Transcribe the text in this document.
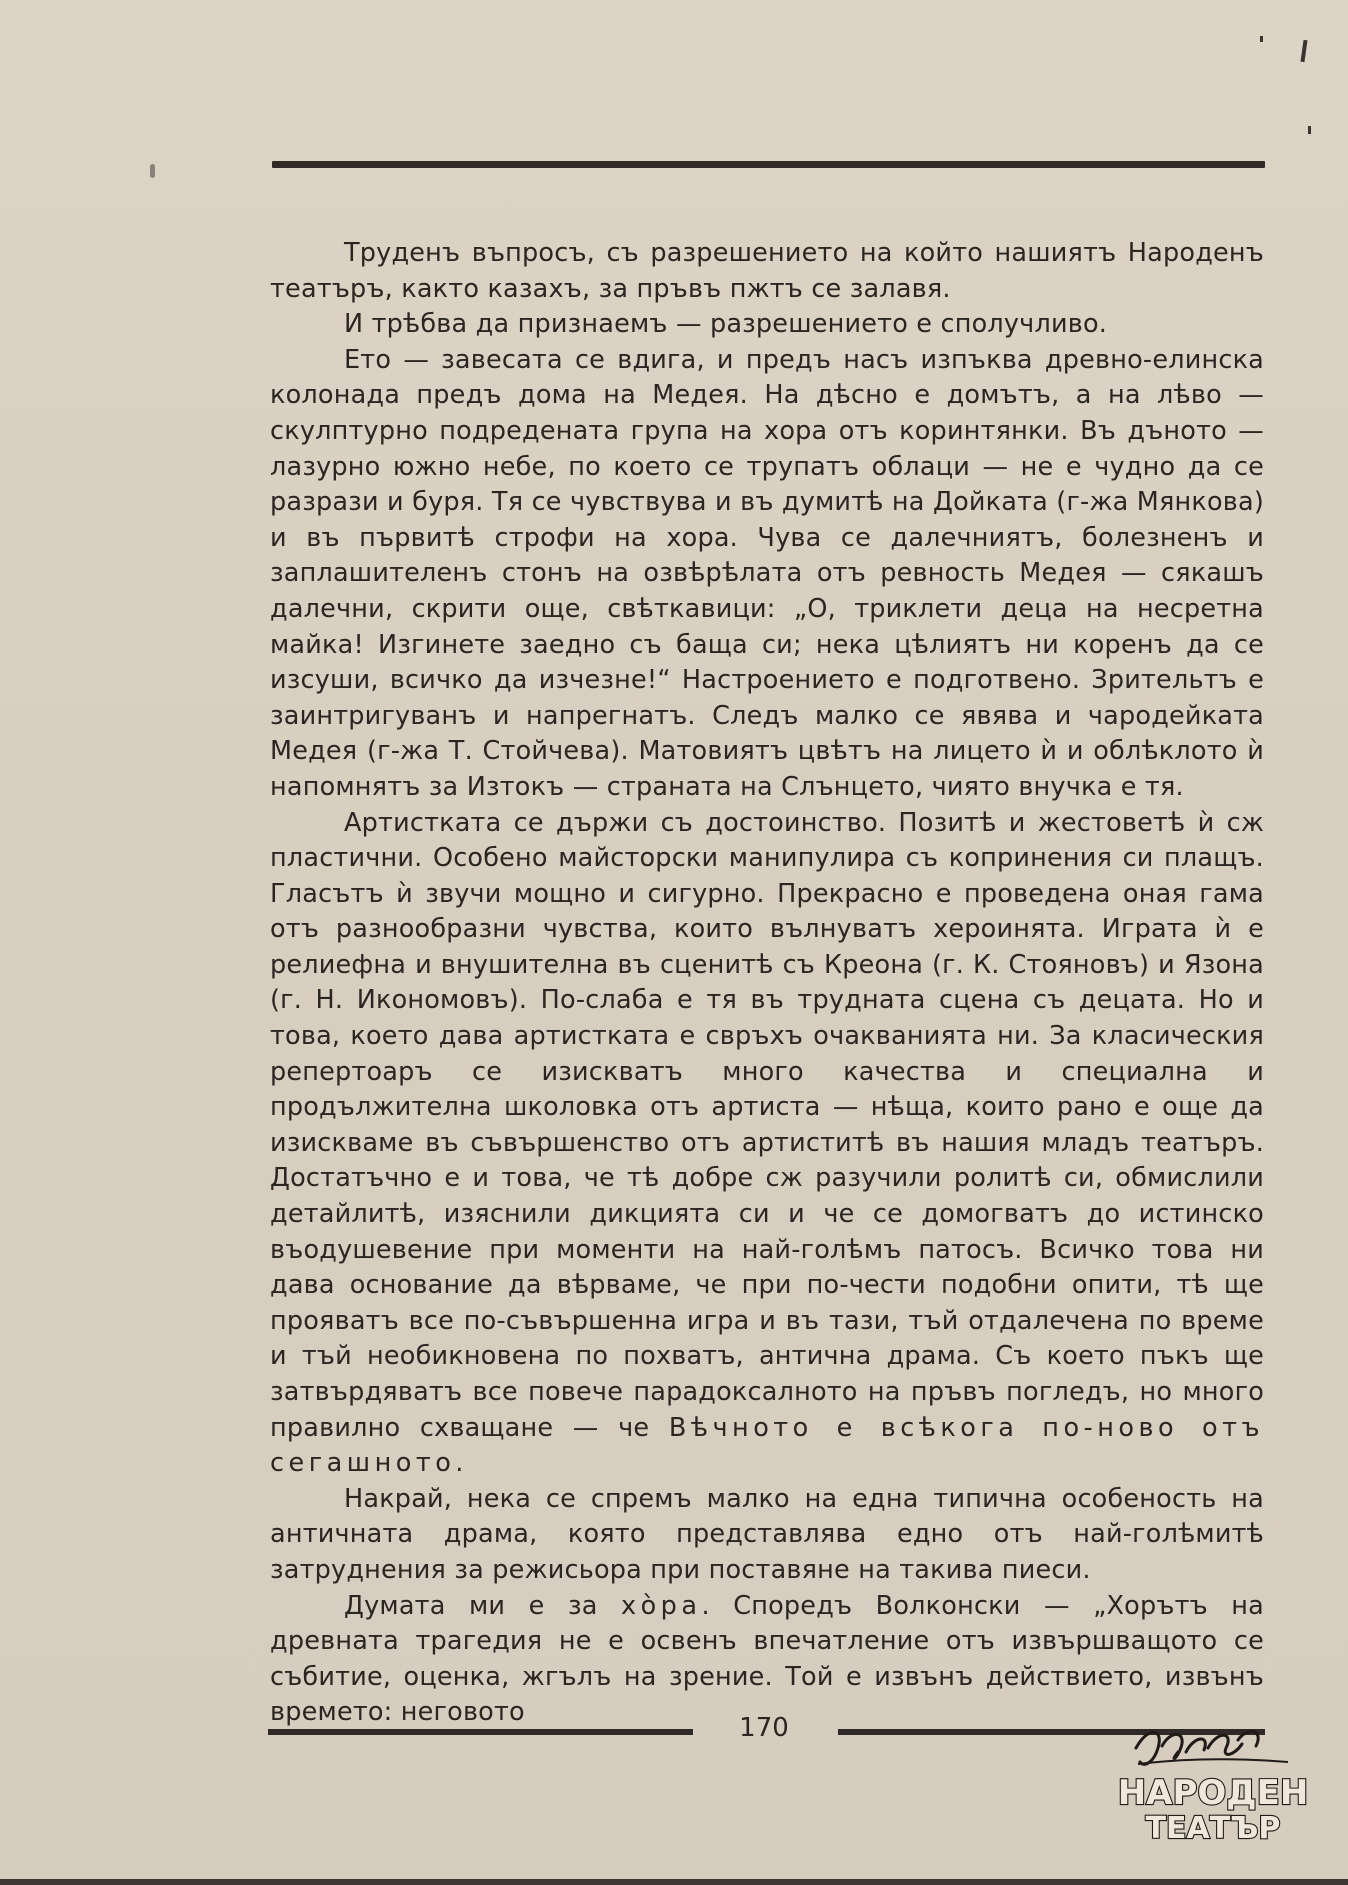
Труденъ въпросъ, съ разрешението на който нашиятъ Народенъ театъръ, както казахъ, за пръвъ пжтъ се залавя.

И трѣбва да признаемъ — разрешението е сполучливо.

Ето — завесата се вдига, и предъ насъ изпъква древно-елинска колонада предъ дома на Медея. На дѣсно е домътъ, а на лѣво — скулптурно подредената група на хора отъ коринтянки. Въ дъното — лазурно южно небе, по което се трупатъ облаци — не е чудно да се разрази и буря. Тя се чувствува и въ думитѣ на Дойката (г-жа Мянкова) и въ първитѣ строфи на хора. Чува се далечниятъ, болезненъ и заплашителенъ стонъ на озвѣрѣлата отъ ревность Медея — сякашъ далечни, скрити още, свѣткавици: „О, триклети деца на несретна майка! Изгинете заедно съ баща си; нека цѣлиятъ ни коренъ да се изсуши, всичко да изчезне!“ Настроението е подготвено. Зрительтъ е заинтригуванъ и напрегнатъ. Следъ малко се явява и чародейката Медея (г-жа Т. Стойчева). Матовиятъ цвѣтъ на лицето ѝ и облѣклото ѝ напомнятъ за Изтокъ — страната на Слънцето, чиято внучка е тя.

Артистката се държи съ достоинство. Позитѣ и жестоветѣ ѝ сж пластични. Особено майсторски манипулира съ копринения си плащъ. Гласътъ ѝ звучи мощно и сигурно. Прекрасно е проведена оная гама отъ разнообразни чувства, които вълнуватъ хероинята. Играта ѝ е релиефна и внушителна въ сценитѣ съ Креона (г. К. Стояновъ) и Язона (г. Н. Икономовъ). По-слаба е тя въ трудната сцена съ децата. Но и това, което дава артистката е свръхъ очакванията ни. За класическия репертоаръ се изискватъ много качества и специална и продължителна школовка отъ артиста — нѣща, които рано е още да изискваме въ съвършенство отъ артиститѣ въ нашия младъ театъръ. Достатъчно е и това, че тѣ добре сж разучили ролитѣ си, обмислили детайлитѣ, изяснили дикцията си и че се домогватъ до истинско въодушевение при моменти на най-голѣмъ патосъ. Всичко това ни дава основание да вѣрваме, че при по-чести подобни опити, тѣ ще прояватъ все по-съвършенна игра и въ тази, тъй отдалечена по време и тъй необикновена по похватъ, антична драма. Съ което пъкъ ще затвърдяватъ все повече парадоксалното на пръвъ погледъ, но много правилно схващане — че Вѣчното е всѣкога по-ново отъ сегашното.

Накрай, нека се спремъ малко на една типична особеность на античната драма, която представлява едно отъ най-голѣмитѣ затруднения за режисьора при поставяне на такива пиеси.

Думата ми е за хòра. Споредъ Волконски — „Хорътъ на древната трагедия не е освенъ впечатление отъ извършващото се събитие, оценка, жгълъ на зрение. Той е извънъ действието, извънъ времето: неговото

170
НАРОДЕН
ТЕАТЪР
